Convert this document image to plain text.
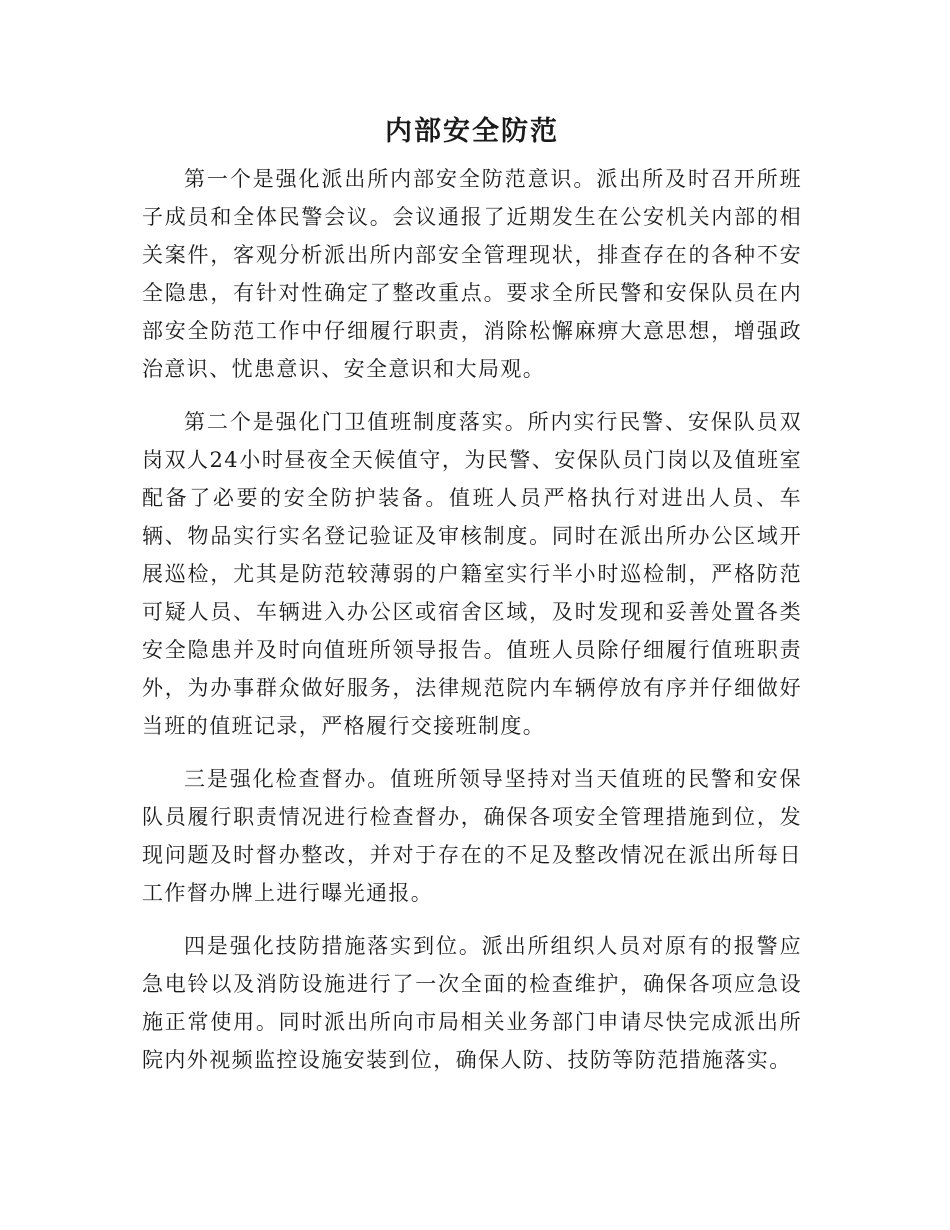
内部安全防范

第一个是强化派出所内部安全防范意识。派出所及时召开所班子成员和全体民警会议。会议通报了近期发生在公安机关内部的相关案件，客观分析派出所内部安全管理现状，排查存在的各种不安全隐患，有针对性确定了整改重点。要求全所民警和安保队员在内部安全防范工作中仔细履行职责，消除松懈麻痹大意思想，增强政治意识、忧患意识、安全意识和大局观。

第二个是强化门卫值班制度落实。所内实行民警、安保队员双岗双人24小时昼夜全天候值守，为民警、安保队员门岗以及值班室配备了必要的安全防护装备。值班人员严格执行对进出人员、车辆、物品实行实名登记验证及审核制度。同时在派出所办公区域开展巡检，尤其是防范较薄弱的户籍室实行半小时巡检制，严格防范可疑人员、车辆进入办公区或宿舍区域，及时发现和妥善处置各类安全隐患并及时向值班所领导报告。值班人员除仔细履行值班职责外，为办事群众做好服务，法律规范院内车辆停放有序并仔细做好当班的值班记录，严格履行交接班制度。

三是强化检查督办。值班所领导坚持对当天值班的民警和安保队员履行职责情况进行检查督办，确保各项安全管理措施到位，发现问题及时督办整改，并对于存在的不足及整改情况在派出所每日工作督办牌上进行曝光通报。

四是强化技防措施落实到位。派出所组织人员对原有的报警应急电铃以及消防设施进行了一次全面的检查维护，确保各项应急设施正常使用。同时派出所向市局相关业务部门申请尽快完成派出所院内外视频监控设施安装到位，确保人防、技防等防范措施落实。
